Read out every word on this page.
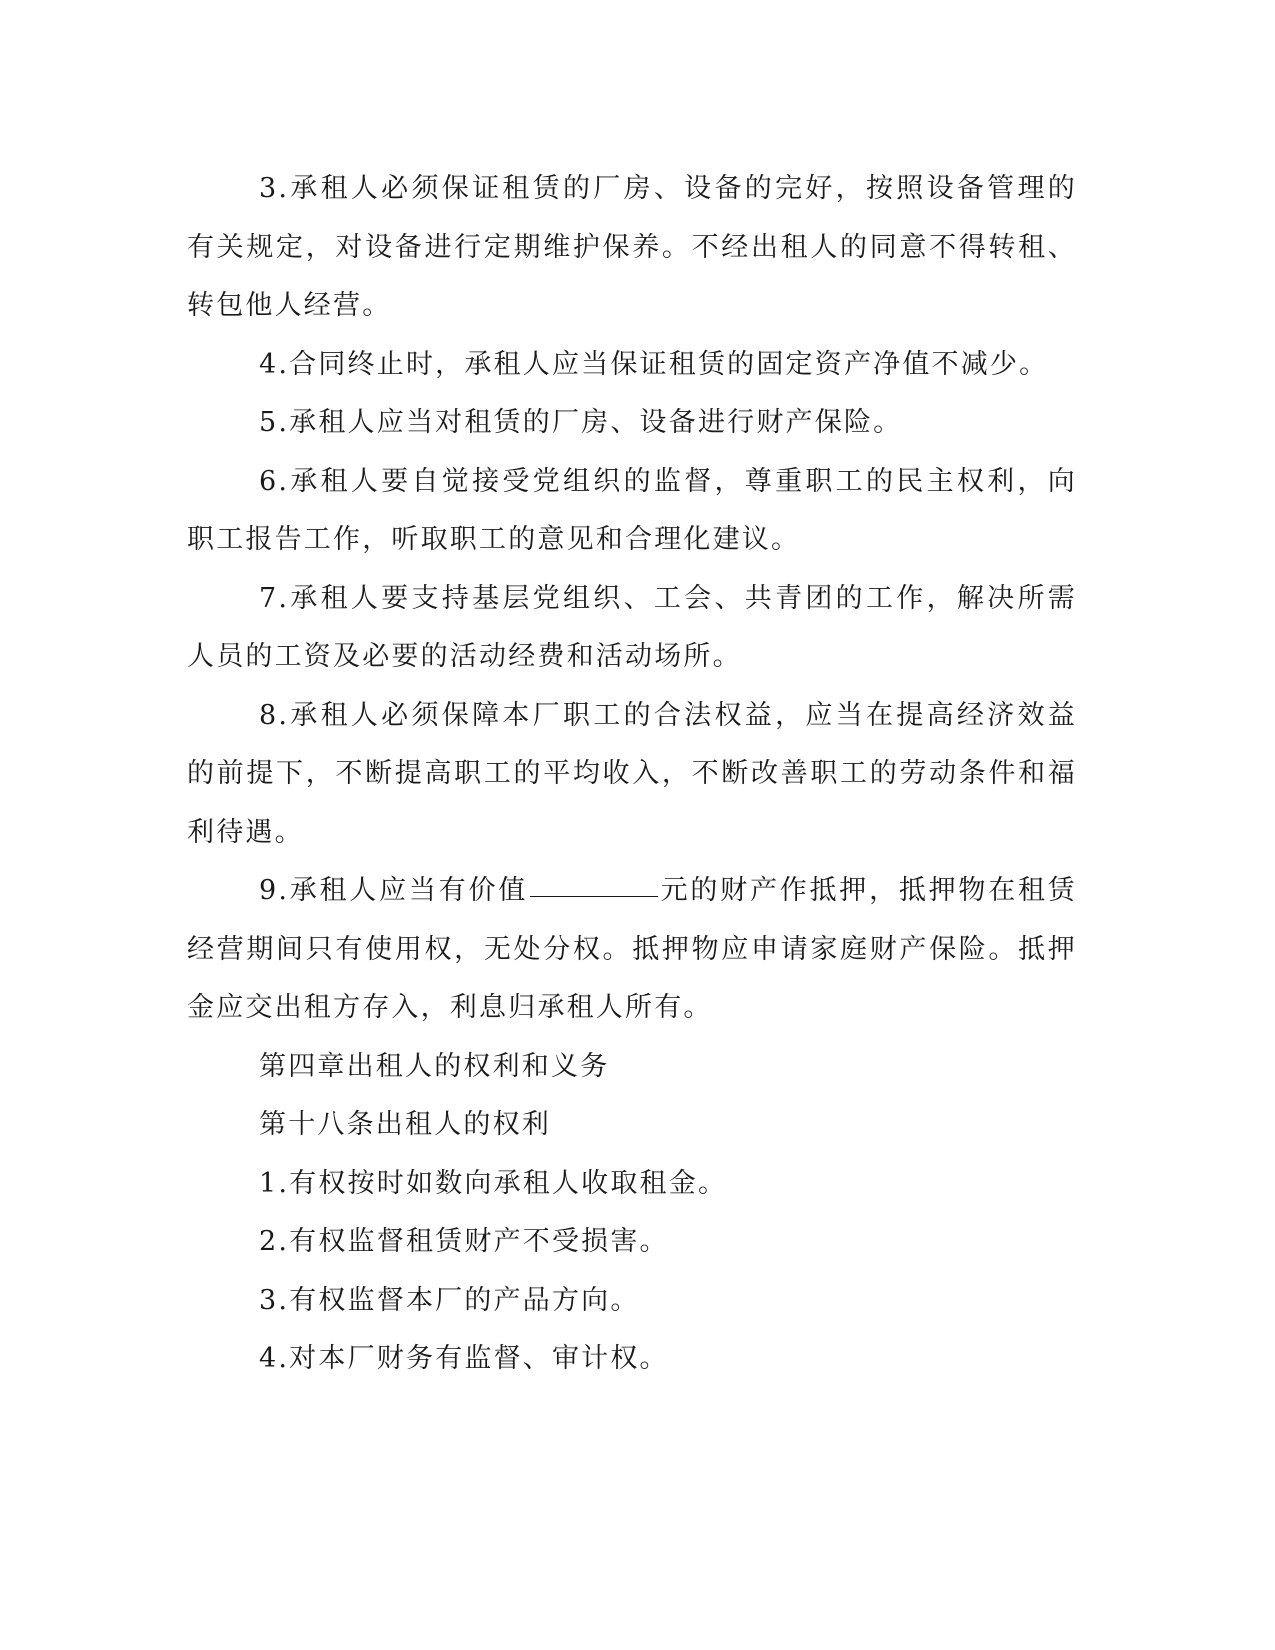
3.承租人必须保证租赁的厂房、设备的完好，按照设备管理的有关规定，对设备进行定期维护保养。不经出租人的同意不得转租、转包他人经营。

4.合同终止时，承租人应当保证租赁的固定资产净值不减少。

5.承租人应当对租赁的厂房、设备进行财产保险。

6.承租人要自觉接受党组织的监督，尊重职工的民主权利，向职工报告工作，听取职工的意见和合理化建议。

7.承租人要支持基层党组织、工会、共青团的工作，解决所需人员的工资及必要的活动经费和活动场所。

8.承租人必须保障本厂职工的合法权益，应当在提高经济效益的前提下，不断提高职工的平均收入，不断改善职工的劳动条件和福利待遇。

9.承租人应当有价值	元的财产作抵押，抵押物在租赁经营期间只有使用权，无处分权。抵押物应申请家庭财产保险。抵押金应交出租方存入，利息归承租人所有。

第四章出租人的权利和义务

第十八条出租人的权利

1.有权按时如数向承租人收取租金。

2.有权监督租赁财产不受损害。

3.有权监督本厂的产品方向。

4.对本厂财务有监督、审计权。
